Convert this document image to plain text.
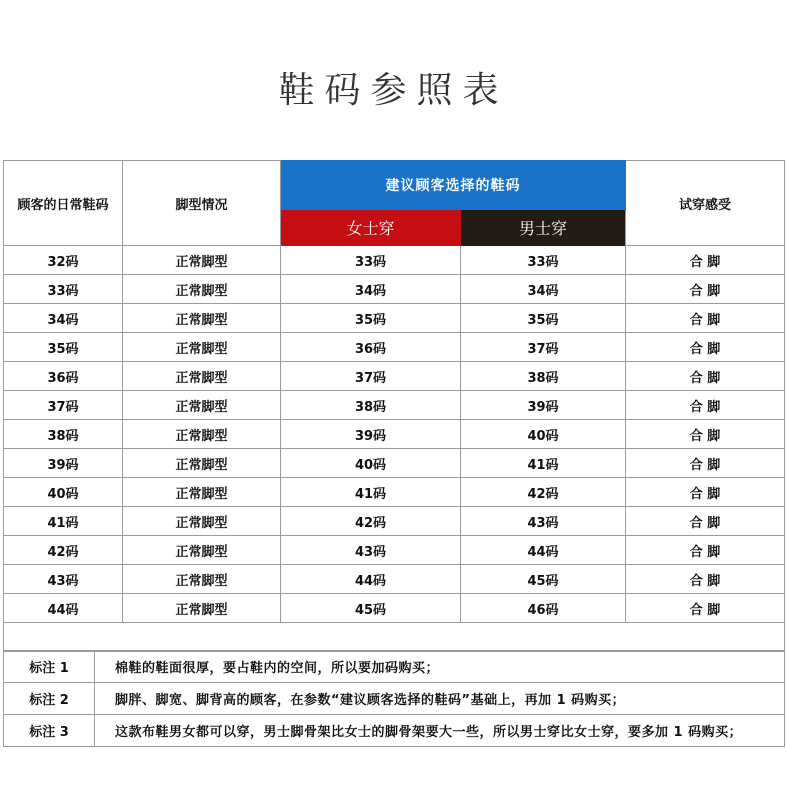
鞋码参照表
顾客的日常鞋码	脚型情况	建议顾客选择的鞋码		试穿感受
		女士穿	男士穿	
32码	正常脚型	33码	33码	合 脚
33码	正常脚型	34码	34码	合 脚
34码	正常脚型	35码	35码	合 脚
35码	正常脚型	36码	37码	合 脚
36码	正常脚型	37码	38码	合 脚
37码	正常脚型	38码	39码	合 脚
38码	正常脚型	39码	40码	合 脚
39码	正常脚型	40码	41码	合 脚
40码	正常脚型	41码	42码	合 脚
41码	正常脚型	42码	43码	合 脚
42码	正常脚型	43码	44码	合 脚
43码	正常脚型	44码	45码	合 脚
44码	正常脚型	45码	46码	合 脚

标注 1	棉鞋的鞋面很厚，要占鞋内的空间，所以要加码购买；
标注 2	脚胖、脚宽、脚背高的顾客，在参数“建议顾客选择的鞋码”基础上，再加 1 码购买；
标注 3	这款布鞋男女都可以穿，男士脚骨架比女士的脚骨架要大一些，所以男士穿比女士穿，要多加 1 码购买；
